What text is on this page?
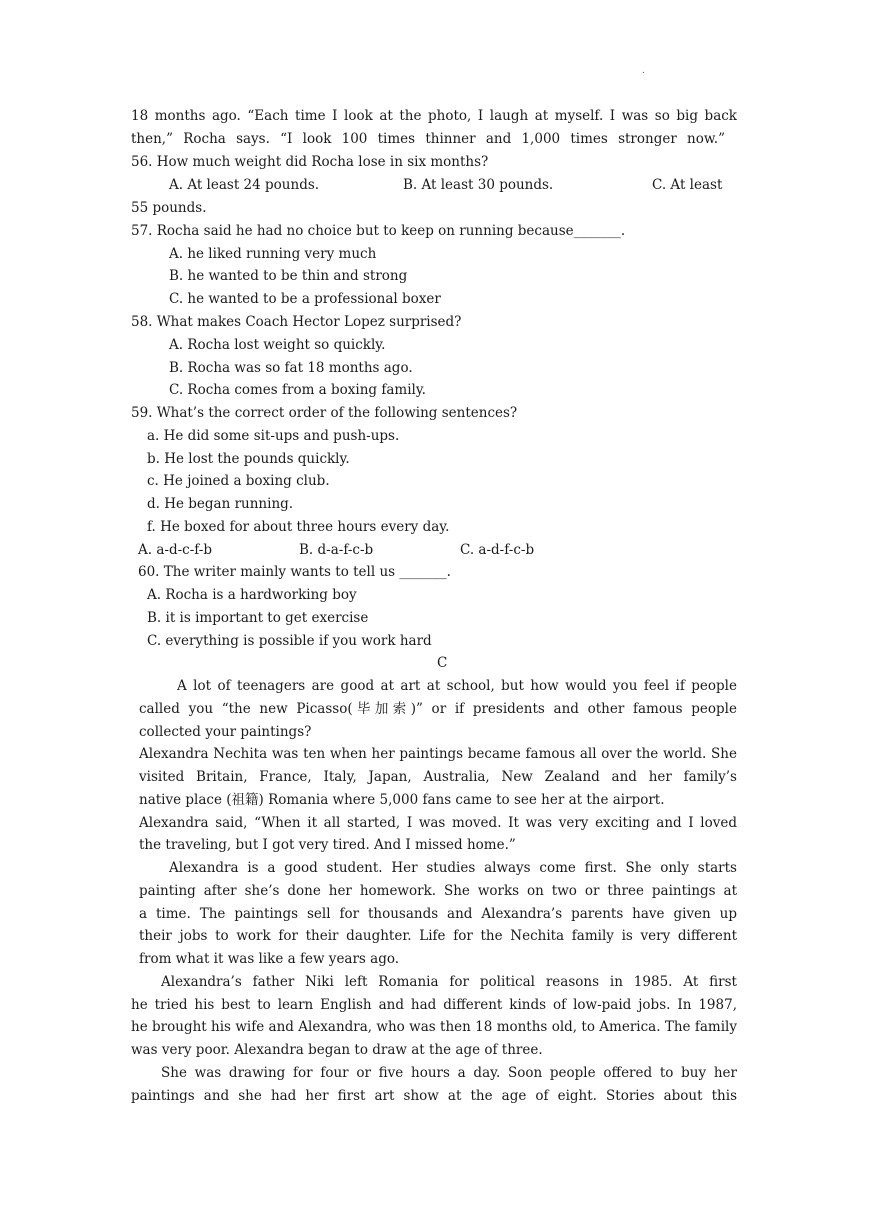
.
18 months ago. “Each time I look at the photo, I laugh at myself. I was so big back
then,” Rocha says. “I look 100 times thinner and 1,000 times stronger now.”
56. How much weight did Rocha lose in six months?
A. At least 24 pounds.	B. At least 30 pounds.	C. At least
55 pounds.
57. Rocha said he had no choice but to keep on running because_______.
A. he liked running very much
B. he wanted to be thin and strong
C. he wanted to be a professional boxer
58. What makes Coach Hector Lopez surprised?
A. Rocha lost weight so quickly.
B. Rocha was so fat 18 months ago.
C. Rocha comes from a boxing family.
59. What’s the correct order of the following sentences?
a. He did some sit-ups and push-ups.
b. He lost the pounds quickly.
c. He joined a boxing club.
d. He began running.
f. He boxed for about three hours every day.
A. a-d-c-f-b	B. d-a-f-c-b	C. a-d-f-c-b
60. The writer mainly wants to tell us _______.
A. Rocha is a hardworking boy
B. it is important to get exercise
C. everything is possible if you work hard
C
A lot of teenagers are good at art at school, but how would you feel if people
called you “the new Picasso(毕加索)” or if presidents and other famous people
collected your paintings?
Alexandra Nechita was ten when her paintings became famous all over the world. She
visited Britain, France, Italy, Japan, Australia, New Zealand and her family’s
native place (祖籍) Romania where 5,000 fans came to see her at the airport.
Alexandra said, “When it all started, I was moved. It was very exciting and I loved
the traveling, but I got very tired. And I missed home.”
Alexandra is a good student. Her studies always come first. She only starts
painting after she’s done her homework. She works on two or three paintings at
a time. The paintings sell for thousands and Alexandra’s parents have given up
their jobs to work for their daughter. Life for the Nechita family is very different
from what it was like a few years ago.
Alexandra’s father Niki left Romania for political reasons in 1985. At first
he tried his best to learn English and had different kinds of low-paid jobs. In 1987,
he brought his wife and Alexandra, who was then 18 months old, to America. The family
was very poor. Alexandra began to draw at the age of three.
She was drawing for four or five hours a day. Soon people offered to buy her
paintings and she had her first art show at the age of eight. Stories about this
